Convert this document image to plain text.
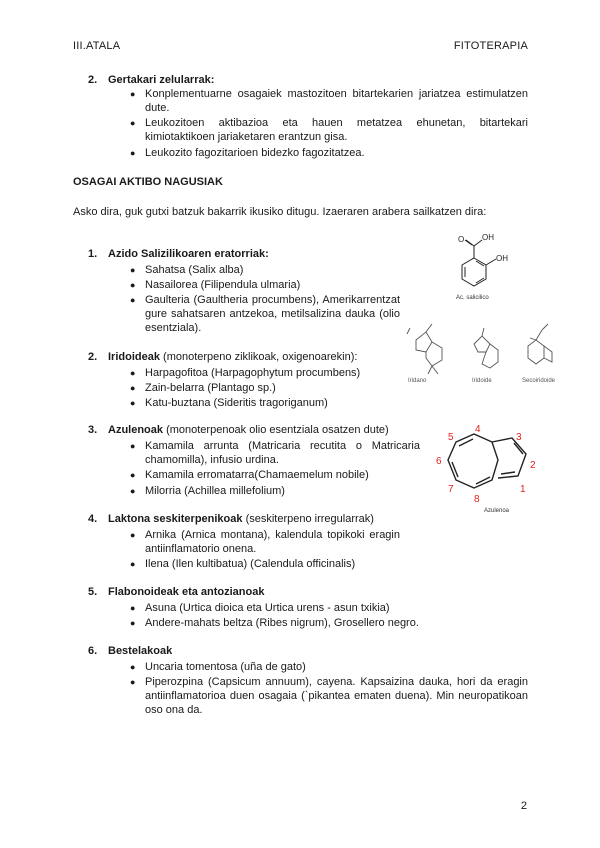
III.ATALA	FITOTERAPIA
2. Gertakari zelularrak:
● Konplementuarne osagaiek mastozitoen bitartekarien jariatzea estimulatzen dute.
● Leukozitoen aktibazioa eta hauen metatzea ehunetan, bitartekari kimiotaktikoen jariaketaren erantzun gisa.
● Leukozito fagozitarioen bidezko fagozitatzea.
OSAGAI AKTIBO NAGUSIAK
Asko dira, guk gutxi batzuk bakarrik ikusiko ditugu. Izaeraren arabera sailkatzen dira:
1. Azido Salizilikoaren eratorriak:
● Sahatsa (Salix alba)
● Nasailorea (Filipendula ulmaria)
● Gaulteria (Gaultheria procumbens), Amerikarrentzat gure sahatsaren antzekoa, metilsalizina dauka (olio esentziala).
2. Iridoideak (monoterpeno ziklikoak, oxigenoarekin):
● Harpagofitoa (Harpagophytum procumbens)
● Zain-belarra (Plantago sp.)
● Katu-buztana (Sideritis tragoriganum)
3. Azulenoak (monoterpenoak olio esentziala osatzen dute)
● Kamamila arrunta (Matricaria recutita o Matricaria chamomilla), infusio urdina.
● Kamamila erromatarra(Chamaemelum nobile)
● Milorria (Achillea millefolium)
4. Laktona seskiterpenikoak (seskiterpeno irregularrak)
● Arnika (Arnica montana), kalendula topikoki eragin antiinflamatorio onena.
● Ilena (Ilen kultibatua) (Calendula officinalis)
5. Flabonoideak eta antozianoak
● Asuna (Urtica dioica eta Urtica urens - asun txikia)
● Andere-mahats beltza (Ribes nigrum), Grosellero negro.
6. Bestelakoak
● Uncaria tomentosa (uña de gato)
● Piperozpina (Capsicum annuum), cayena. Kapsaizina dauka, hori da eragin antiinflamatorioa duen osagaia (`pikantea ematen duena). Min neuropatikoan oso ona da.
O OH
OH
Ac. salicilico
Iridano	Iridoide	Secoiridoide
2
1
3
4
5
6
7
8
Azulenoa
2
